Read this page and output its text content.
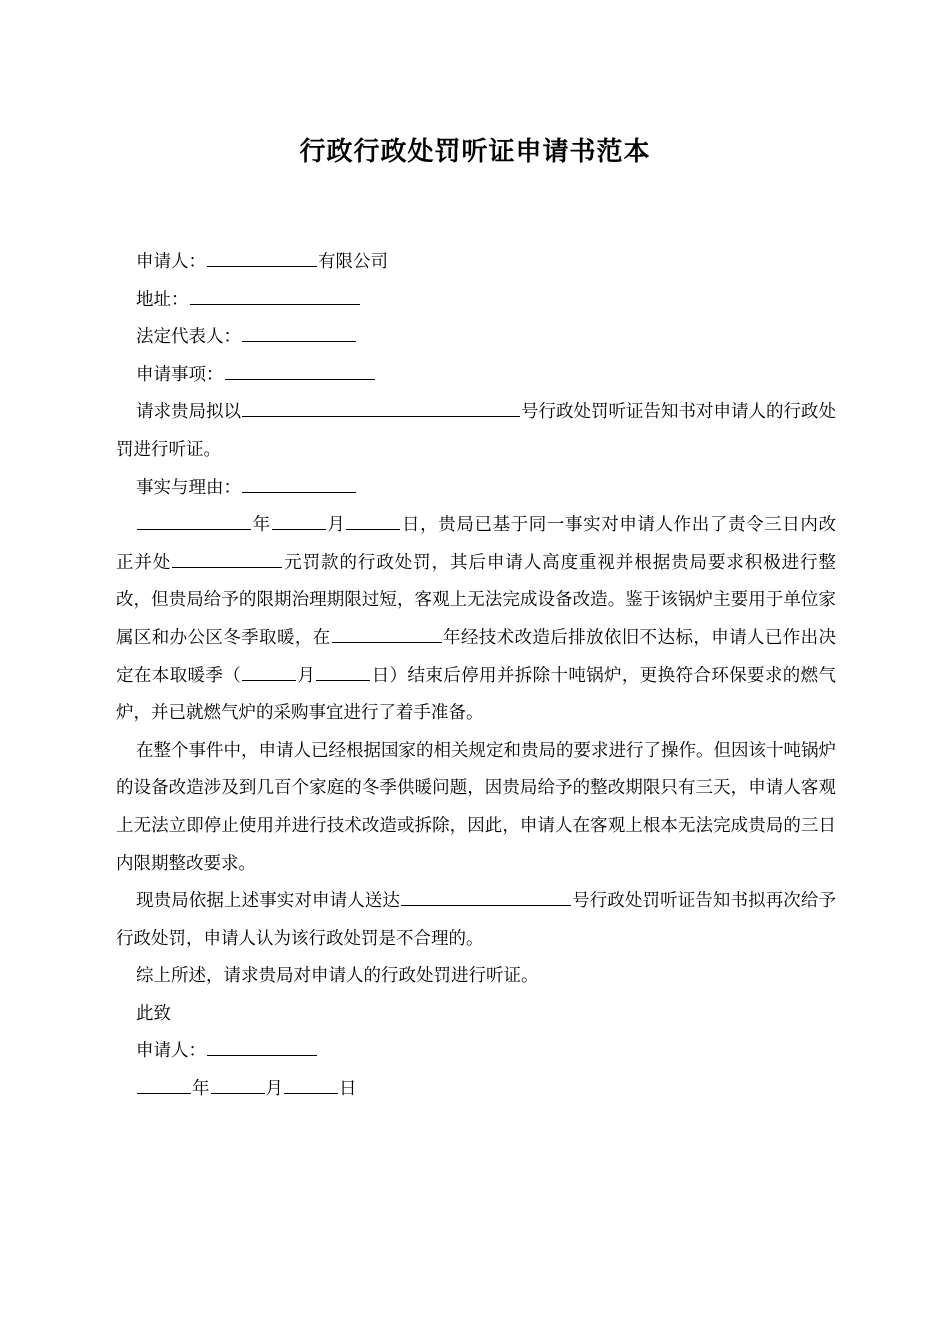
行政行政处罚听证申请书范本

申请人：	有限公司

地址：

法定代表人：

申请事项：

请求贵局拟以	号行政处罚听证告知书对申请人的行政处罚进行听证。

事实与理由：

年	月	日，贵局已基于同一事实对申请人作出了责令三日内改正并处	元罚款的行政处罚，其后申请人高度重视并根据贵局要求积极进行整改，但贵局给予的限期治理期限过短，客观上无法完成设备改造。鉴于该锅炉主要用于单位家属区和办公区冬季取暖，在	年经技术改造后排放依旧不达标，申请人已作出决定在本取暖季（	月	日）结束后停用并拆除十吨锅炉，更换符合环保要求的燃气炉，并已就燃气炉的采购事宜进行了着手准备。

在整个事件中，申请人已经根据国家的相关规定和贵局的要求进行了操作。但因该十吨锅炉的设备改造涉及到几百个家庭的冬季供暖问题，因贵局给予的整改期限只有三天，申请人客观上无法立即停止使用并进行技术改造或拆除，因此，申请人在客观上根本无法完成贵局的三日内限期整改要求。

现贵局依据上述事实对申请人送达	号行政处罚听证告知书拟再次给予行政处罚，申请人认为该行政处罚是不合理的。

综上所述，请求贵局对申请人的行政处罚进行听证。

此致

申请人：

年	月	日
